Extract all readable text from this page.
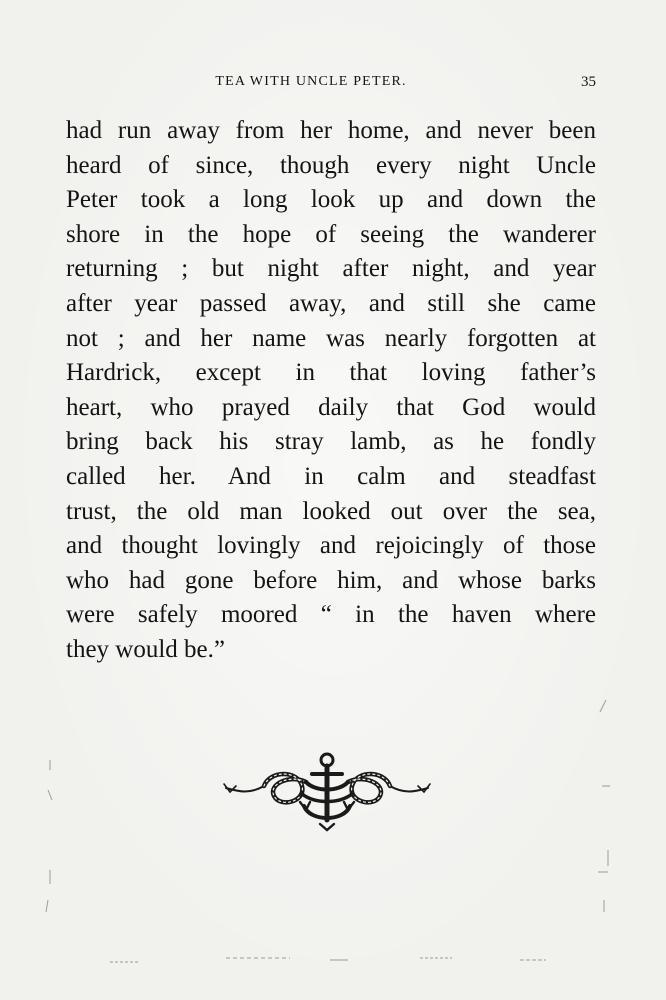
TEA WITH UNCLE PETER.	35
had run away from her home, and never been
heard of since, though every night Uncle
Peter took a long look up and down the
shore in the hope of seeing the wanderer
returning ; but night after night, and year
after year passed away, and still she came
not ; and her name was nearly forgotten at
Hardrick, except in that loving father’s
heart, who prayed daily that God would
bring back his stray lamb, as he fondly
called her. And in calm and steadfast
trust, the old man looked out over the sea,
and thought lovingly and rejoicingly of those
who had gone before him, and whose barks
were safely moored “ in the haven where
they would be.”
